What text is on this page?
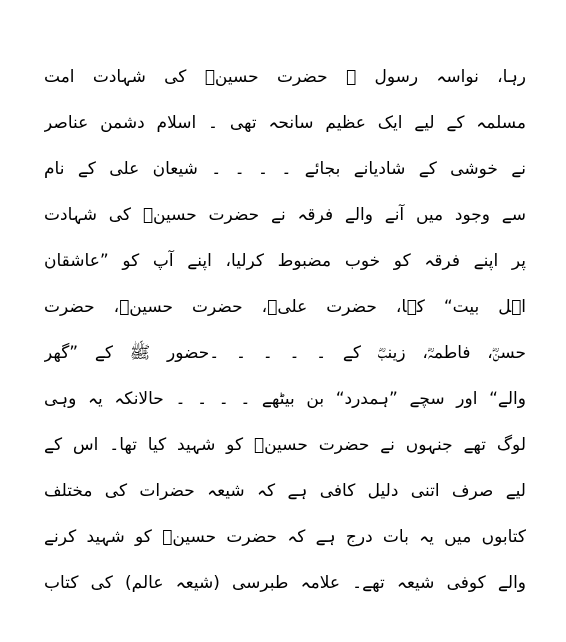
رہا، نواسہ رسول ﷺ حضرت حسینؓ کی شہادت امت
مسلمہ کے لیے ایک عظیم سانحہ تھی ۔ اسلام دشمن عناصر
نے خوشی کے شادیانے بجائے ۔ ۔ ۔ ۔ شیعان علی کے نام
سے وجود میں آنے والے فرقہ نے حضرت حسینؓ کی شہادت
پر اپنے فرقہ کو خوب مضبوط کرلیا، اپنے آپ کو ”عاشقان
اہل بیت“ کہا، حضرت علیؓ، حضرت حسینؓ، حضرت
حسنؓ، فاطمہؓ، زینبؓ کے ۔ ۔ ۔ ۔ ۔حضور ﷺ کے ”گھر
والے“ اور سچے ”ہمدرد“ بن بیٹھے ۔ ۔ ۔ ۔ حالانکہ یہ وہی
لوگ تھے جنہوں نے حضرت حسینؓ کو شہید کیا تھا۔ اس کے
لیے صرف اتنی دلیل کافی ہے کہ شیعہ حضرات کی مختلف
کتابوں میں یہ بات درج ہے کہ حضرت حسینؓ کو شہید کرنے
والے کوفی شیعہ تھے۔ علامہ طبرسی (شیعہ عالم) کی کتاب
